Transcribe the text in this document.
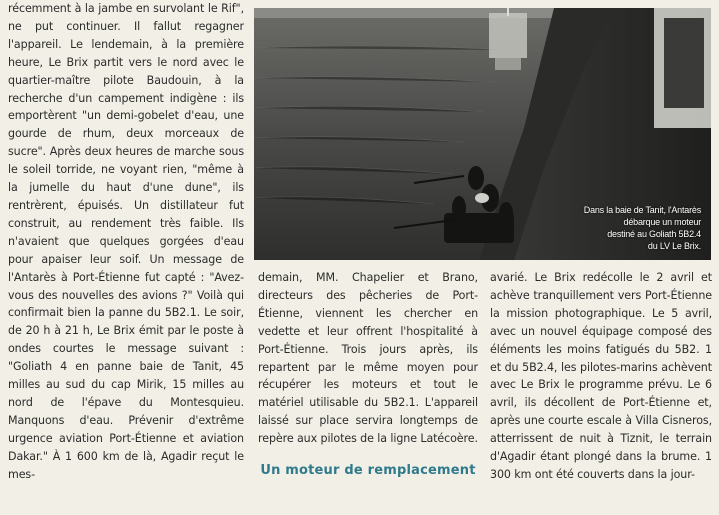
récemment à la jambe en survolant le Rif", ne put continuer. Il fallut regagner l'appareil. Le lendemain, à la première heure, Le Brix partit vers le nord avec le quartier-maître pilote Baudouin, à la recherche d'un campement indigène : ils emportèrent "un demi-gobelet d'eau, une gourde de rhum, deux morceaux de sucre". Après deux heures de marche sous le soleil torride, ne voyant rien, "même à la jumelle du haut d'une dune", ils rentrèrent, épuisés. Un distillateur fut construit, au rendement très faible. Ils n'avaient que quelques gorgées d'eau pour apaiser leur soif. Un message de l'Antarès à Port-Étienne fut capté : "Avez-vous des nouvelles des avions ?" Voilà qui confirmait bien la panne du 5B2.1. Le soir, de 20 h à 21 h, Le Brix émit par le poste à ondes courtes le message suivant : "Goliath 4 en panne baie de Tanit, 45 milles au sud du cap Mirik, 15 milles au nord de l'épave du Montesquieu. Manquons d'eau. Prévenir d'extrême urgence aviation Port-Étienne et aviation Dakar." À 1 600 km de là, Agadir reçut le mes-

Dans la baie de Tanit, l'Antarès
débarque un moteur
destiné au Goliath 5B2.4
du LV Le Brix.

demain, MM. Chapelier et Brano, directeurs des pêcheries de Port-Étienne, viennent les chercher en vedette et leur offrent l'hospitalité à Port-Étienne. Trois jours après, ils repartent par le même moyen pour récupérer les moteurs et tout le matériel utilisable du 5B2.1. L'appareil laissé sur place servira longtemps de repère aux pilotes de la ligne Latécoère.

Un moteur de remplacement

avarié. Le Brix redécolle le 2 avril et achève tranquillement vers Port-Étienne la mission photographique. Le 5 avril, avec un nouvel équipage composé des éléments les moins fatigués du 5B2. 1 et du 5B2.4, les pilotes-marins achèvent avec Le Brix le programme prévu. Le 6 avril, ils décollent de Port-Étienne et, après une courte escale à Villa Cisneros, atterrissent de nuit à Tiznit, le terrain d'Agadir étant plongé dans la brume. 1 300 km ont été couverts dans la jour-
